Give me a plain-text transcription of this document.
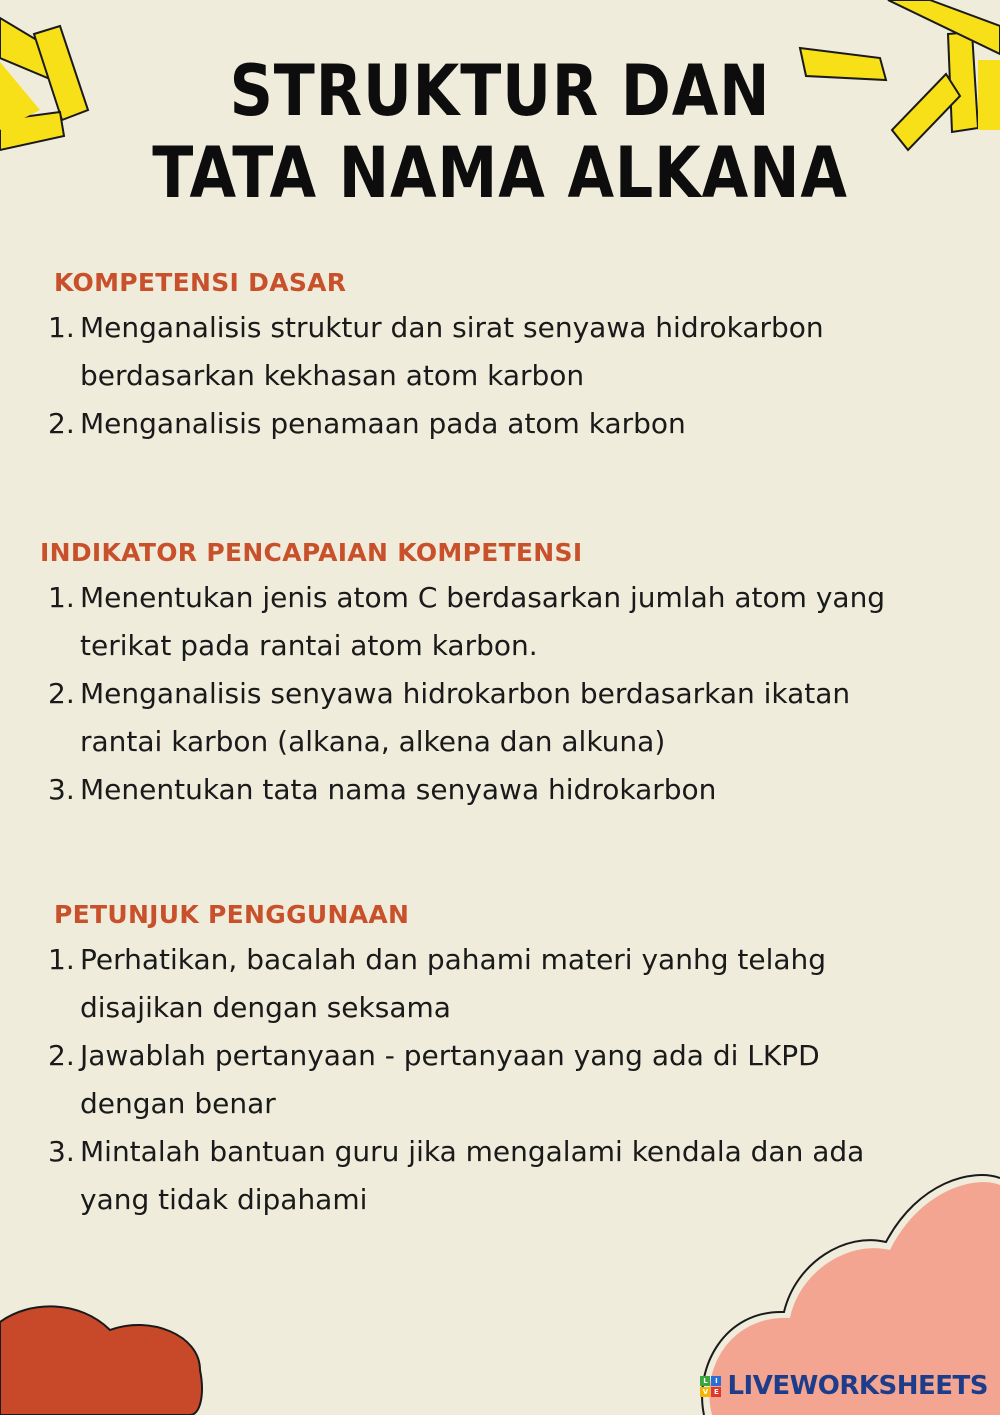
STRUKTUR DAN
TATA NAMA ALKANA
KOMPETENSI DASAR
1. Menganalisis struktur dan sirat senyawa hidrokarbon berdasarkan kekhasan atom karbon
2. Menganalisis penamaan pada atom karbon
INDIKATOR PENCAPAIAN KOMPETENSI
1. Menentukan jenis atom C berdasarkan jumlah atom yang terikat pada rantai atom karbon.
2. Menganalisis senyawa hidrokarbon berdasarkan ikatan rantai karbon (alkana, alkena dan alkuna)
3. Menentukan tata nama senyawa hidrokarbon
PETUNJUK PENGGUNAAN
1. Perhatikan, bacalah dan pahami materi yanhg telahg disajikan dengan seksama
2. Jawablah pertanyaan - pertanyaan yang ada di LKPD dengan benar
3. Mintalah bantuan guru jika mengalami kendala dan ada yang tidak dipahami
L	I
V E LIVEWORKSHEETS
